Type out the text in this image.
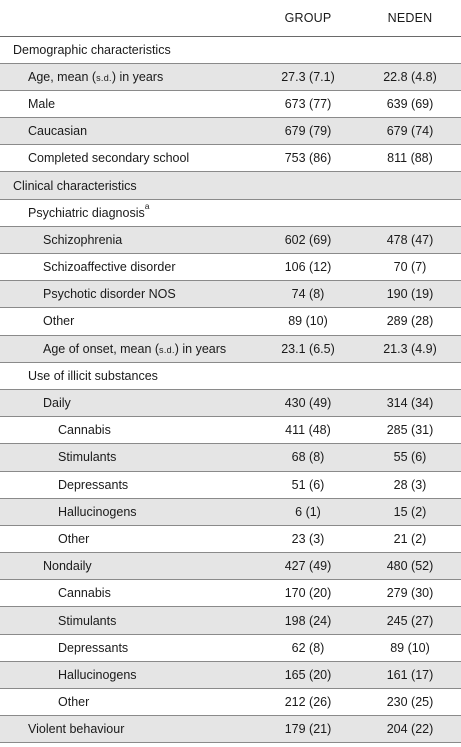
	GROUP	NEDEN
Demographic characteristics		
Age, mean (s.d.) in years	27.3 (7.1)	22.8 (4.8)
Male	673 (77)	639 (69)
Caucasian	679 (79)	679 (74)
Completed secondary school	753 (86)	811 (88)
Clinical characteristics		
Psychiatric diagnosis$^a$		
Schizophrenia	602 (69)	478 (47)
Schizoaffective disorder	106 (12)	70 (7)
Psychotic disorder NOS	74 (8)	190 (19)
Other	89 (10)	289 (28)
Age of onset, mean (s.d.) in years	23.1 (6.5)	21.3 (4.9)
Use of illicit substances		
Daily	430 (49)	314 (34)
Cannabis	411 (48)	285 (31)
Stimulants	68 (8)	55 (6)
Depressants	51 (6)	28 (3)
Hallucinogens	6 (1)	15 (2)
Other	23 (3)	21 (2)
Nondaily	427 (49)	480 (52)
Cannabis	170 (20)	279 (30)
Stimulants	198 (24)	245 (27)
Depressants	62 (8)	89 (10)
Hallucinogens	165 (20)	161 (17)
Other	212 (26)	230 (25)
Violent behaviour	179 (21)	204 (22)
